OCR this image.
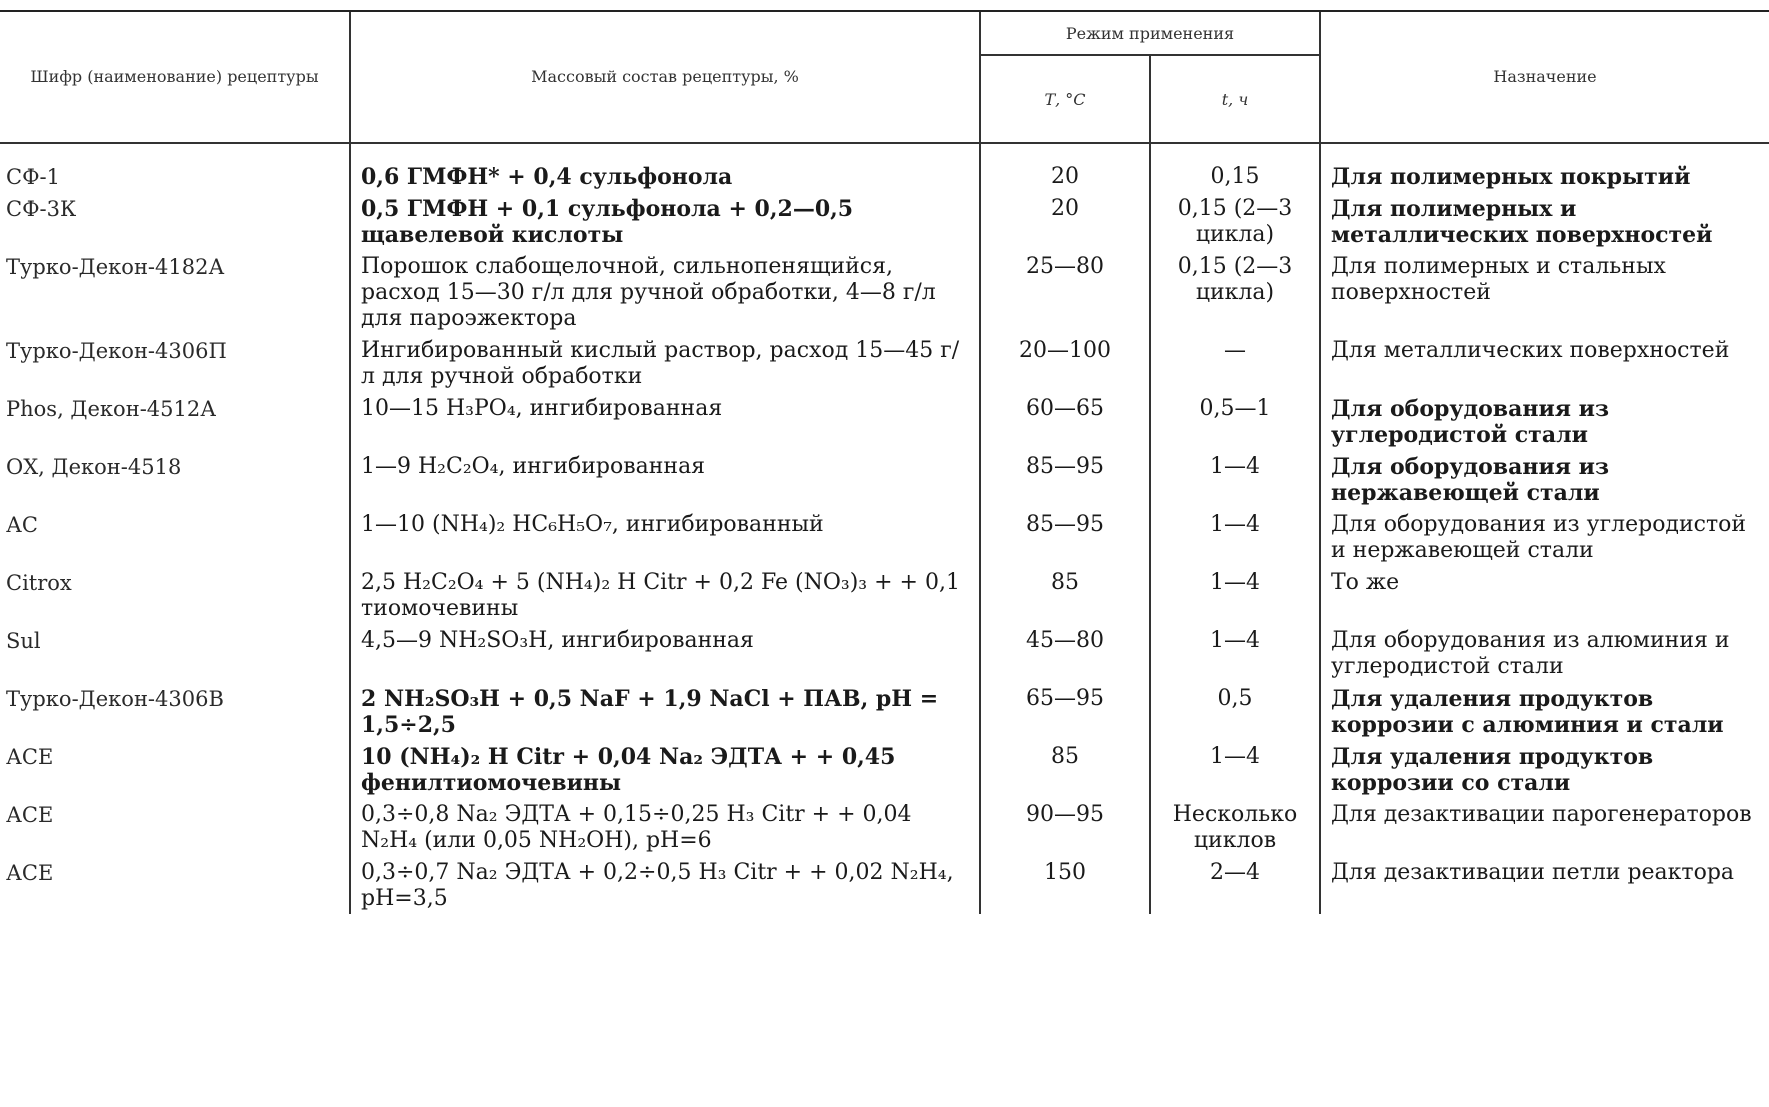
Шифр (наименование) рецептуры	Массовый состав рецептуры, %	Режим применения		Назначение
		Т, °С	t, ч	
СФ-1	0,6 ГМФН* + 0,4 сульфонола	20	0,15	Для полимерных покрытий
СФ-3К	0,5 ГМФН + 0,1 сульфонола + 0,2—0,5 щавелевой кислоты	20	0,15 (2—3 цикла)	Для полимерных и металлических поверхностей
Турко-Декон-4182А	Порошок слабощелочной, сильнопенящийся, расход 15—30 г/л для ручной обработки, 4—8 г/л для пароэжектора	25—80	0,15 (2—3 цикла)	Для полимерных и стальных поверхностей
Турко-Декон-4306П	Ингибированный кислый раствор, расход 15—45 г/л для ручной обработки	20—100	—	Для металлических поверхностей
Phos, Декон-4512А	10—15 H₃PO₄, ингибированная	60—65	0,5—1	Для оборудования из углеродистой стали
ОХ, Декон-4518	1—9 H₂C₂O₄, ингибированная	85—95	1—4	Для оборудования из нержавеющей стали
АС	1—10 (NH₄)₂ HC₆H₅O₇, ингибированный	85—95	1—4	Для оборудования из углеродистой и нержавеющей стали
Citrox	2,5 H₂C₂O₄ + 5 (NH₄)₂ H Citr + 0,2 Fe (NO₃)₃ + + 0,1 тиомочевины	85	1—4	То же
Sul	4,5—9 NH₂SO₃H, ингибированная	45—80	1—4	Для оборудования из алюминия и углеродистой стали
Турко-Декон-4306В	2 NH₂SO₃H + 0,5 NaF + 1,9 NaCl + ПАВ, pH = 1,5÷2,5	65—95	0,5	Для удаления продуктов коррозии с алюминия и стали
АСЕ	10 (NH₄)₂ H Citr + 0,04 Na₂ ЭДТА + + 0,45 фенилтиомочевины	85	1—4	Для удаления продуктов коррозии со стали
АСЕ	0,3÷0,8 Na₂ ЭДТА + 0,15÷0,25 H₃ Citr + + 0,04 N₂H₄ (или 0,05 NH₂OH), pH=6	90—95	Несколько циклов	Для дезактивации парогенераторов
АСЕ	0,3÷0,7 Na₂ ЭДТА + 0,2÷0,5 H₃ Citr + + 0,02 N₂H₄, pH=3,5	150	2—4	Для дезактивации петли реактора
